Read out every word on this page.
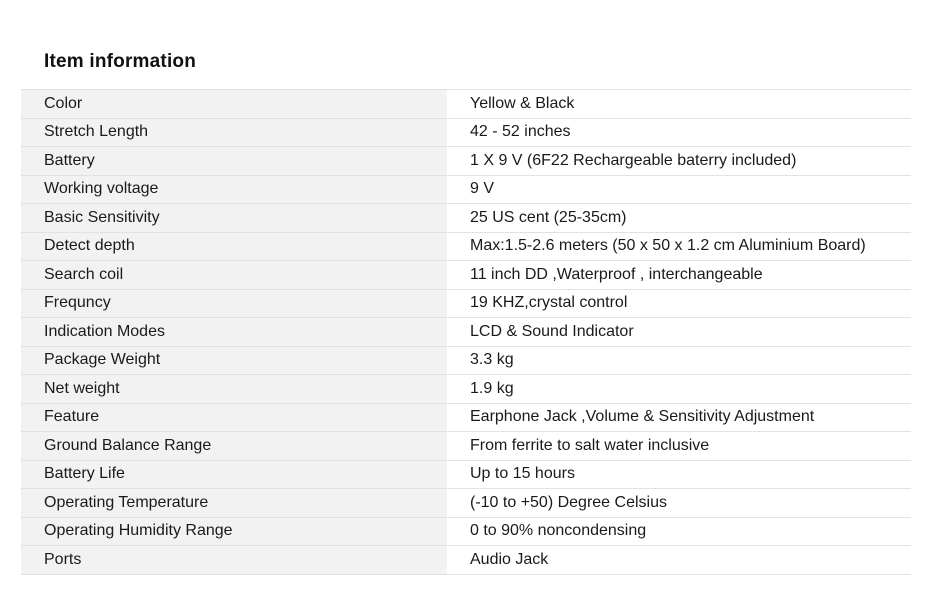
Item information
Color	Yellow & Black
Stretch Length	42 - 52 inches
Battery	1 X 9 V (6F22 Rechargeable baterry included)
Working voltage	9 V
Basic Sensitivity	25 US cent (25-35cm)
Detect depth	Max:1.5-2.6 meters (50 x 50 x 1.2 cm Aluminium Board)
Search coil	11 inch DD ,Waterproof , interchangeable
Frequncy	19 KHZ,crystal control
Indication Modes	LCD & Sound Indicator
Package Weight	3.3 kg
Net weight	1.9 kg
Feature	Earphone Jack ,Volume & Sensitivity Adjustment
Ground Balance Range	From ferrite to salt water inclusive
Battery Life	Up to 15 hours
Operating Temperature	(-10 to +50) Degree Celsius
Operating Humidity Range	0 to 90% noncondensing
Ports	Audio Jack
